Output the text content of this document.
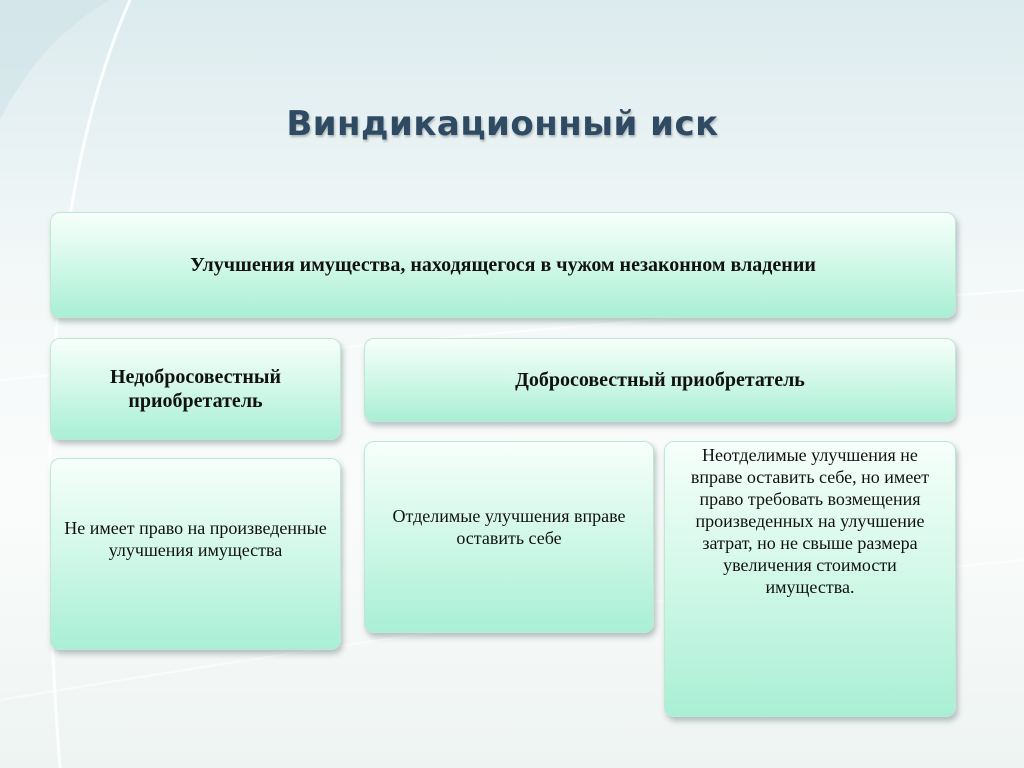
Виндикационный иск
Улучшения имущества, находящегося в чужом незаконном владении
Недобросовестный приобретатель
Добросовестный приобретатель
Не имеет право на произведенные улучшения имущества
Отделимые улучшения вправе оставить себе
Неотделимые улучшения не вправе оставить себе, но имеет право требовать возмещения произведенных на улучшение затрат, но не свыше размера увеличения стоимости имущества.
